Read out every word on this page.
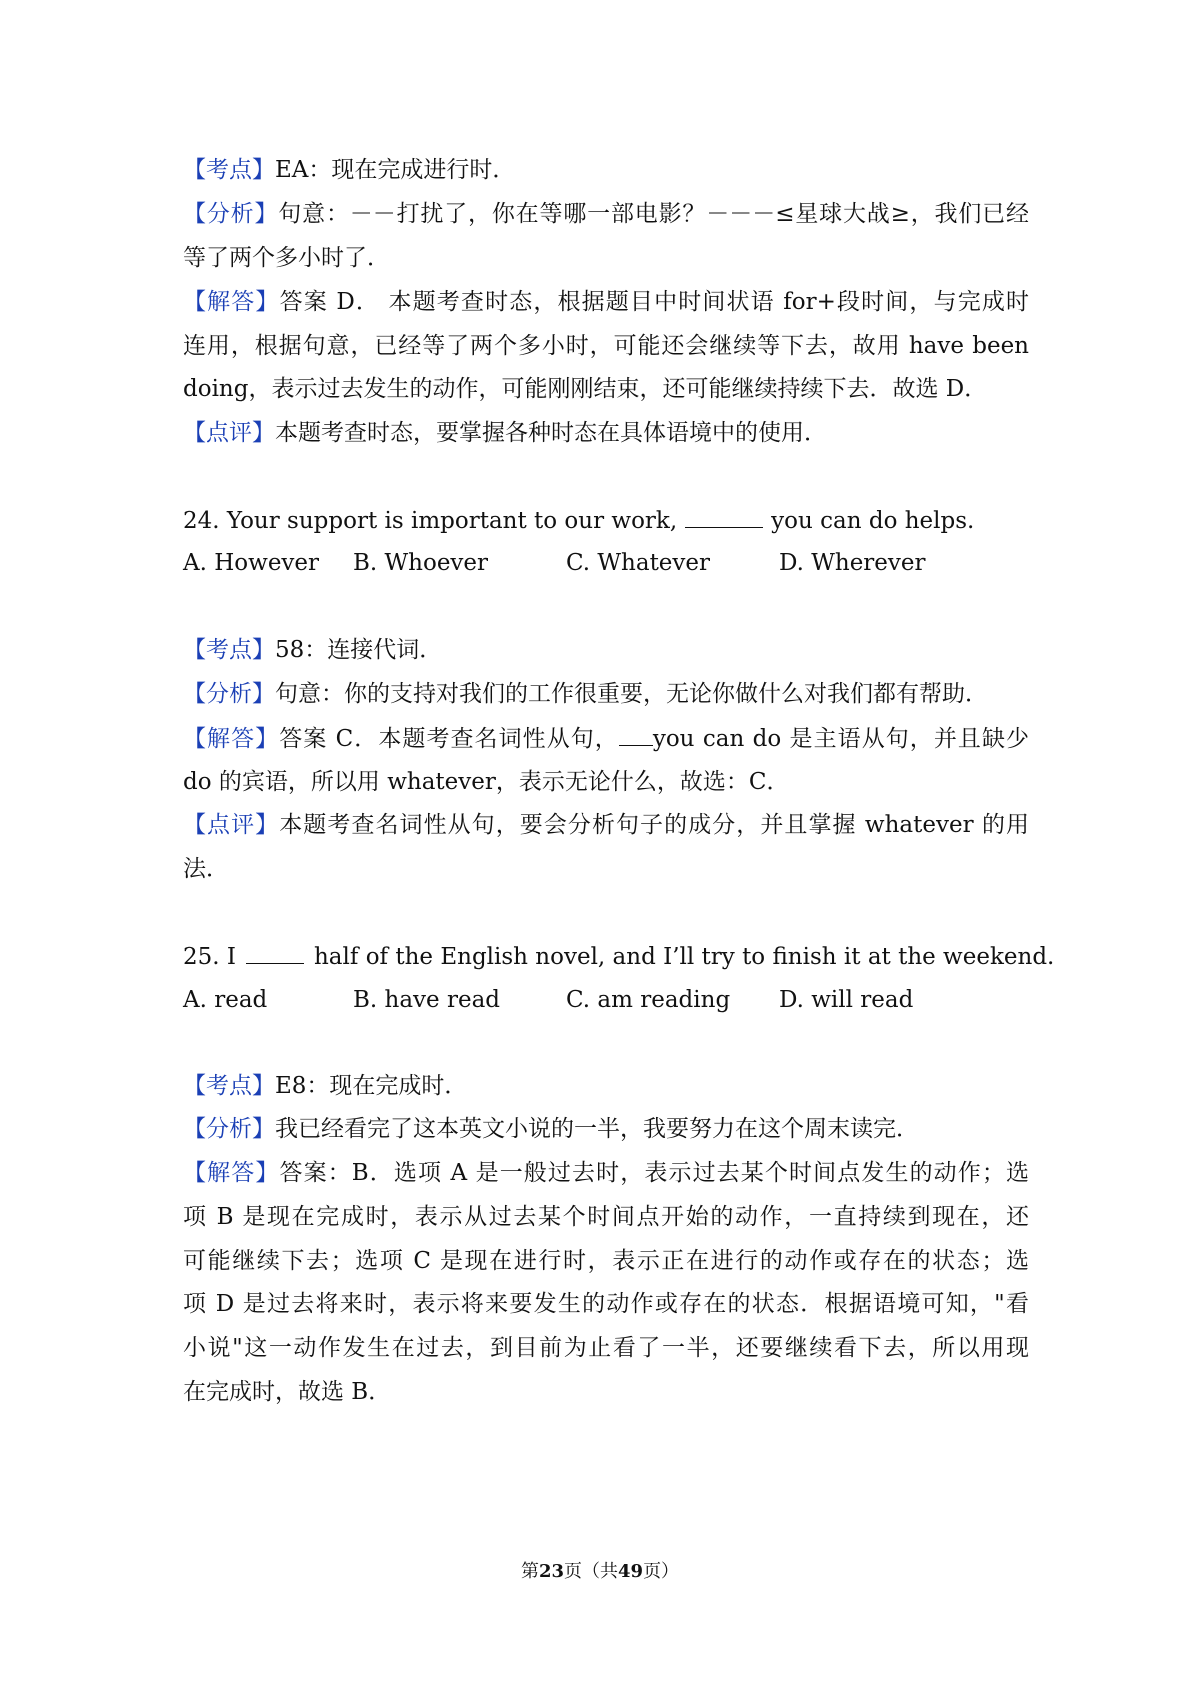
【考点】EA：现在完成进行时．
【分析】句意：－－打扰了，你在等哪一部电影？－－－≤星球大战≥，我们已经
等了两个多小时了．
【解答】答案 D． 本题考查时态，根据题目中时间状语 for+段时间，与完成时
连用，根据句意，已经等了两个多小时，可能还会继续等下去，故用 have been
doing，表示过去发生的动作，可能刚刚结束，还可能继续持续下去．故选 D．
【点评】本题考查时态，要掌握各种时态在具体语境中的使用．
24. Your support is important to our work,	you can do helps.
A. However B. Whoever	C. Whatever	D. Wherever
【考点】58：连接代词．
【分析】句意：你的支持对我们的工作很重要，无论你做什么对我们都有帮助．
【解答】答案 C．本题考查名词性从句， you can do 是主语从句，并且缺少
do 的宾语，所以用 whatever，表示无论什么，故选：C．
【点评】本题考查名词性从句，要会分析句子的成分，并且掌握 whatever 的用
法．
25. I	half of the English novel, and I’ll try to finish it at the weekend.
A. read	B. have read	C. am reading D. will read
【考点】E8：现在完成时．
【分析】我已经看完了这本英文小说的一半，我要努力在这个周末读完．
【解答】答案：B．选项 A 是一般过去时，表示过去某个时间点发生的动作；选
项 B 是现在完成时，表示从过去某个时间点开始的动作，一直持续到现在，还
可能继续下去；选项 C 是现在进行时，表示正在进行的动作或存在的状态；选
项 D 是过去将来时，表示将来要发生的动作或存在的状态．根据语境可知，"看
小说"这一动作发生在过去，到目前为止看了一半，还要继续看下去，所以用现
在完成时，故选 B．
第23页（共49页）
